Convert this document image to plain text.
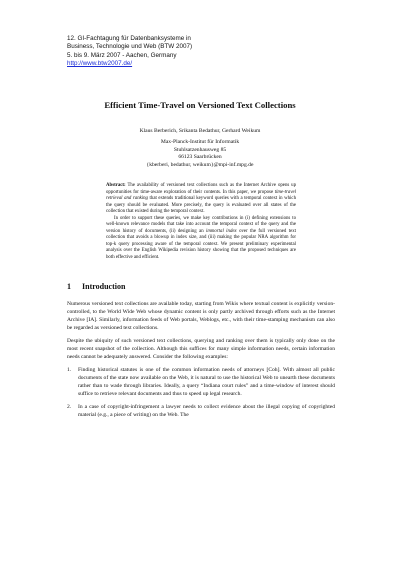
12. GI-Fachtagung für Datenbanksysteme in
Business, Technologie und Web (BTW 2007)
5. bis 9. März 2007 - Aachen, Germany
http://www.btw2007.de/
Efficient Time-Travel on Versioned Text Collections
Klaus Berberich, Srikanta Bedathur, Gerhard Weikum
Max-Planck-Institut für Informatik
Stuhlsatzenhausweg 85
66123 Saarbrücken
{kberberi, bedathur, weikum}@mpi-inf.mpg.de

Abstract: The availability of versioned text collections such as the Internet Archive opens up opportunities for time-aware exploration of their contents. In this paper, we propose time-travel retrieval and ranking that extends traditional keyword queries with a temporal context in which the query should be evaluated. More precisely, the query is evaluated over all states of the collection that existed during the temporal context.

In order to support these queries, we make key contributions in (i) defining extensions to well-known relevance models that take into account the temporal context of the query and the version history of documents, (ii) designing an immortal index over the full versioned text collection that avoids a blowup in index size, and (iii) making the popular NRA algorithm for top-k query processing aware of the temporal context. We present preliminary experimental analysis over the English Wikipedia revision history showing that the proposed techniques are both effective and efficient.

1 Introduction

Numerous versioned text collections are available today, starting from Wikis where textual content is explicitly version-controlled, to the World Wide Web whose dynamic content is only partly archived through efforts such as the Internet Archive [IA]. Similarly, information feeds of Web portals, Weblogs, etc., with their time-stamping mechanism can also be regarded as versioned text collections.

Despite the ubiquity of such versioned text collections, querying and ranking over them is typically only done on the most recent snapshot of the collection. Although this suffices for many simple information needs, certain information needs cannot be adequately answered. Consider the following examples:

1. Finding historical statutes is one of the common information needs of attorneys [Coh]. With almost all public documents of the state now available on the Web, it is natural to use the historical Web to unearth these documents rather than to wade through libraries. Ideally, a query “Indiana court rules” and a time-window of interest should suffice to retrieve relevant documents and thus to speed up legal research.
2. In a case of copyright-infringement a lawyer needs to collect evidence about the illegal copying of copyrighted material (e.g., a piece of writing) on the Web. The
